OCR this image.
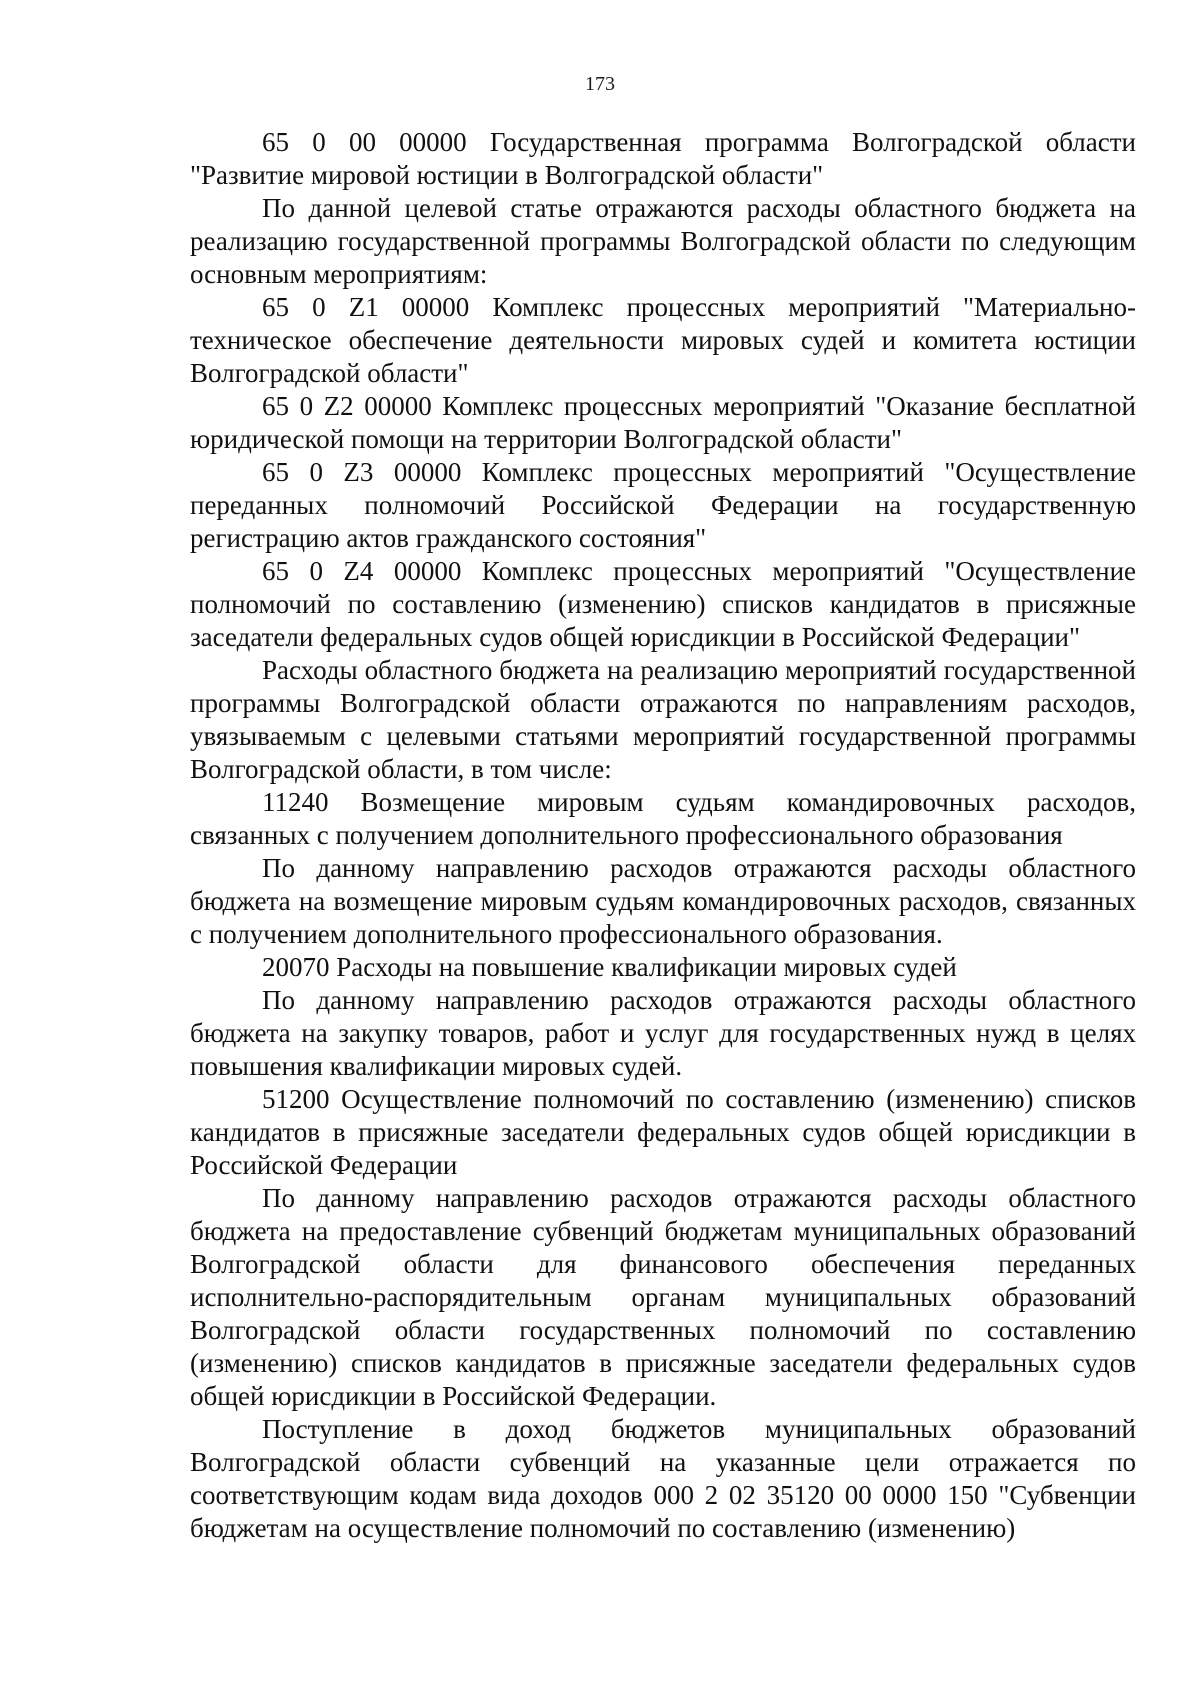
173

65 0 00 00000 Государственная программа Волгоградской области "Развитие мировой юстиции в Волгоградской области"

По данной целевой статье отражаются расходы областного бюджета на реализацию государственной программы Волгоградской области по следующим основным мероприятиям:

65 0 Z1 00000 Комплекс процессных мероприятий "Материально-техническое обеспечение деятельности мировых судей и комитета юстиции Волгоградской области"

65 0 Z2 00000 Комплекс процессных мероприятий "Оказание бесплатной юридической помощи на территории Волгоградской области"

65 0 Z3 00000 Комплекс процессных мероприятий "Осуществление переданных полномочий Российской Федерации на государственную регистрацию актов гражданского состояния"

65 0 Z4 00000 Комплекс процессных мероприятий "Осуществление полномочий по составлению (изменению) списков кандидатов в присяжные заседатели федеральных судов общей юрисдикции в Российской Федерации"

Расходы областного бюджета на реализацию мероприятий государственной программы Волгоградской области отражаются по направлениям расходов, увязываемым с целевыми статьями мероприятий государственной программы Волгоградской области, в том числе:

11240 Возмещение мировым судьям командировочных расходов, связанных с получением дополнительного профессионального образования

По данному направлению расходов отражаются расходы областного бюджета на возмещение мировым судьям командировочных расходов, связанных с получением дополнительного профессионального образования.

20070 Расходы на повышение квалификации мировых судей

По данному направлению расходов отражаются расходы областного бюджета на закупку товаров, работ и услуг для государственных нужд в целях повышения квалификации мировых судей.

51200 Осуществление полномочий по составлению (изменению) списков кандидатов в присяжные заседатели федеральных судов общей юрисдикции в Российской Федерации

По данному направлению расходов отражаются расходы областного бюджета на предоставление субвенций бюджетам муниципальных образований Волгоградской области для финансового обеспечения переданных исполнительно-распорядительным органам муниципальных образований Волгоградской области государственных полномочий по составлению (изменению) списков кандидатов в присяжные заседатели федеральных судов общей юрисдикции в Российской Федерации.

Поступление в доход бюджетов муниципальных образований Волгоградской области субвенций на указанные цели отражается по соответствующим кодам вида доходов 000 2 02 35120 00 0000 150 "Субвенции бюджетам на осуществление полномочий по составлению (изменению)
